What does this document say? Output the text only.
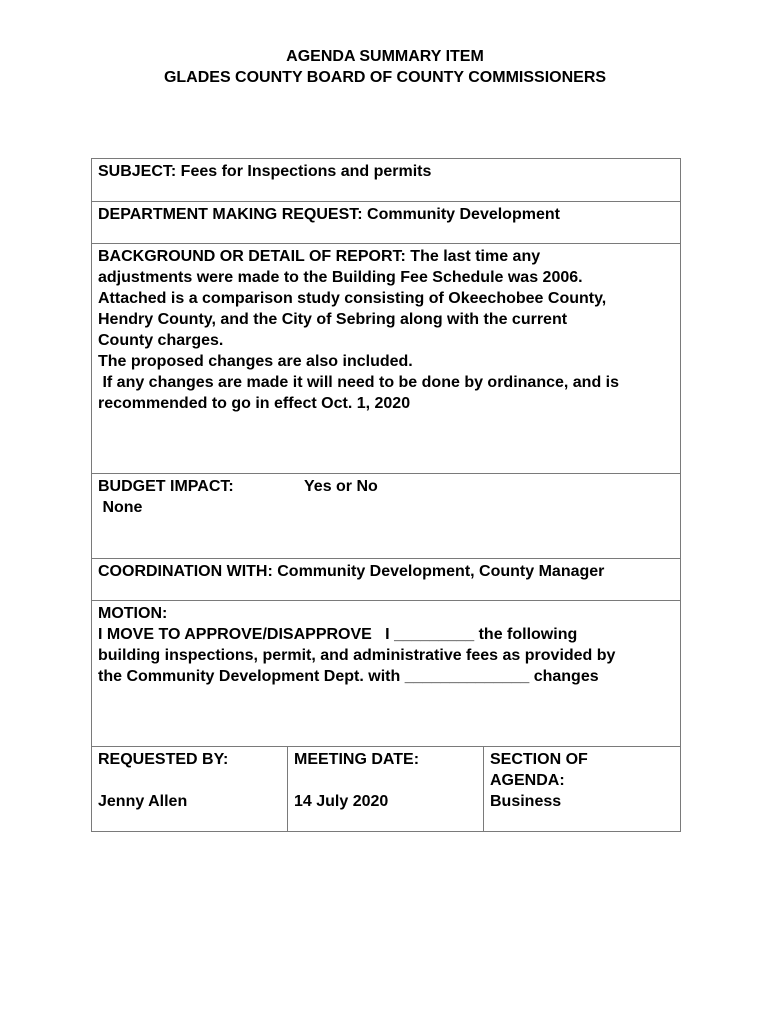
AGENDA SUMMARY ITEM
GLADES COUNTY BOARD OF COUNTY COMMISSIONERS
SUBJECT: Fees for Inspections and permits
DEPARTMENT MAKING REQUEST: Community Development
BACKGROUND OR DETAIL OF REPORT: The last time any
adjustments were made to the Building Fee Schedule was 2006.
Attached is a comparison study consisting of Okeechobee County,
Hendry County, and the City of Sebring along with the current
County charges.
The proposed changes are also included.
If any changes are made it will need to be done by ordinance, and is
recommended to go in effect Oct. 1, 2020
BUDGET IMPACT:	Yes or No
None
COORDINATION WITH: Community Development, County Manager
MOTION:
I MOVE TO APPROVE/DISAPPROVE   I _________ the following
building inspections, permit, and administrative fees as provided by
the Community Development Dept. with ______________ changes
REQUESTED BY:
Jenny Allen
MEETING DATE:
14 July 2020
SECTION OF
AGENDA:
Business
